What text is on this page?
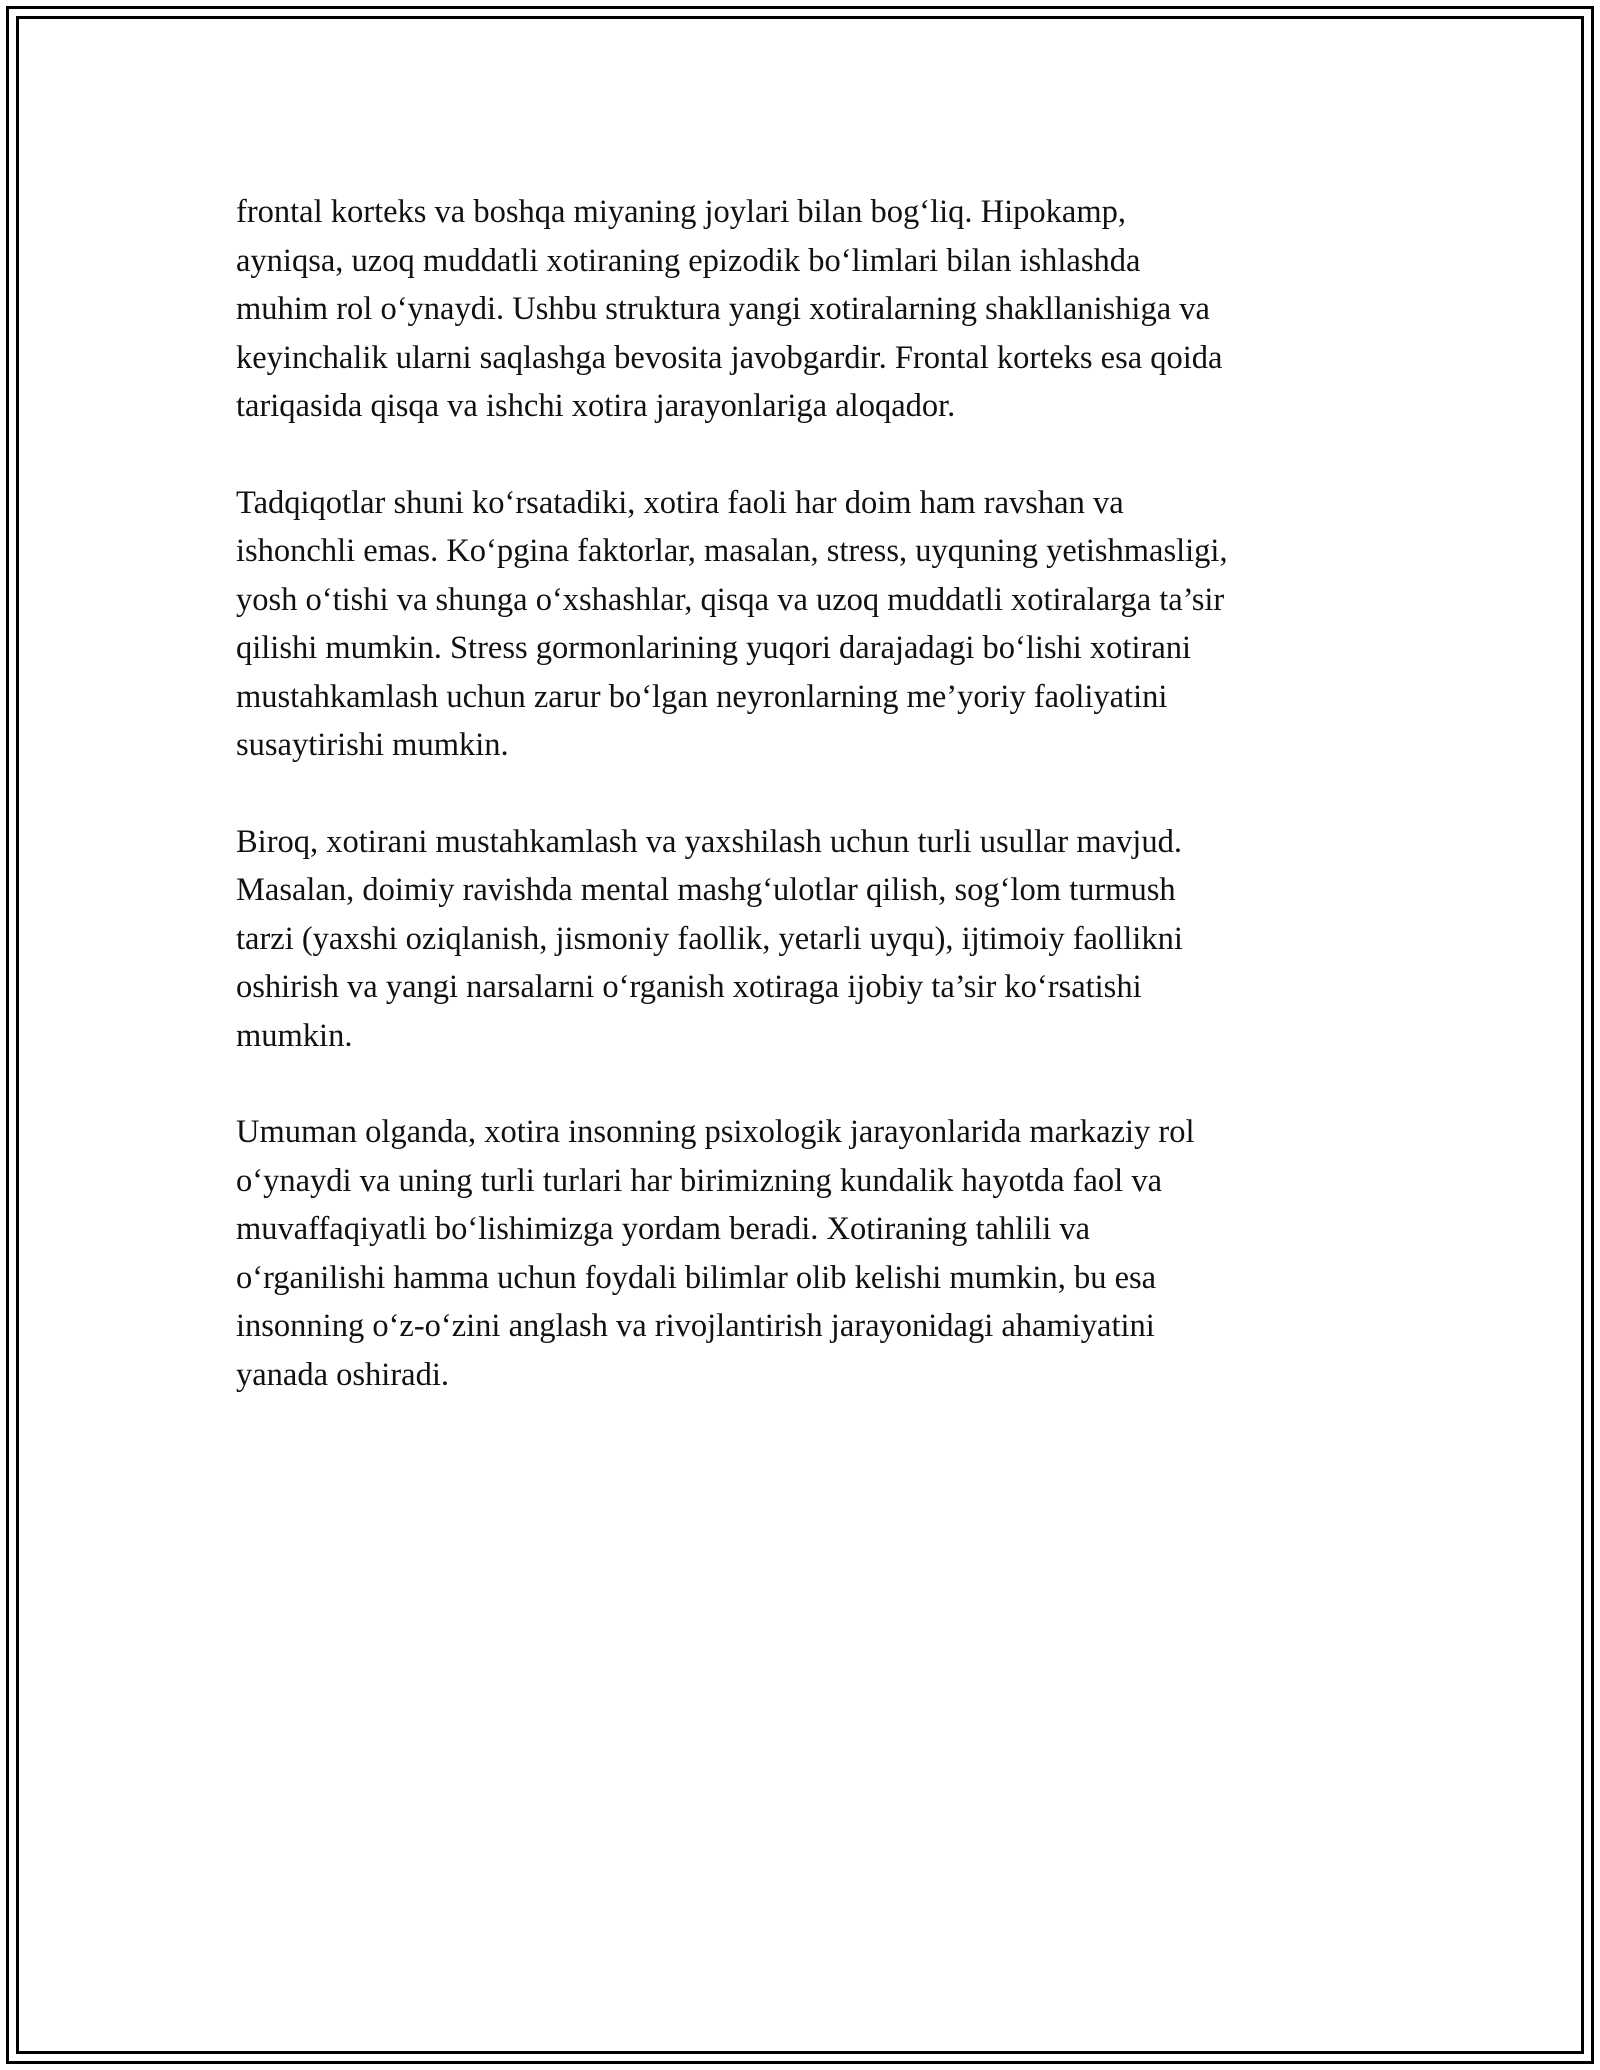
frontal korteks va boshqa miyaning joylari bilan bog‘liq. Hipokamp,
ayniqsa, uzoq muddatli xotiraning epizodik bo‘limlari bilan ishlashda
muhim rol o‘ynaydi. Ushbu struktura yangi xotiralarning shakllanishiga va
keyinchalik ularni saqlashga bevosita javobgardir. Frontal korteks esa qoida
tariqasida qisqa va ishchi xotira jarayonlariga aloqador.

Tadqiqotlar shuni ko‘rsatadiki, xotira faoli har doim ham ravshan va
ishonchli emas. Ko‘pgina faktorlar, masalan, stress, uyquning yetishmasligi,
yosh o‘tishi va shunga o‘xshashlar, qisqa va uzoq muddatli xotiralarga ta’sir
qilishi mumkin. Stress gormonlarining yuqori darajadagi bo‘lishi xotirani
mustahkamlash uchun zarur bo‘lgan neyronlarning me’yoriy faoliyatini
susaytirishi mumkin.

Biroq, xotirani mustahkamlash va yaxshilash uchun turli usullar mavjud.
Masalan, doimiy ravishda mental mashg‘ulotlar qilish, sog‘lom turmush
tarzi (yaxshi oziqlanish, jismoniy faollik, yetarli uyqu), ijtimoiy faollikni
oshirish va yangi narsalarni o‘rganish xotiraga ijobiy ta’sir ko‘rsatishi
mumkin.

Umuman olganda, xotira insonning psixologik jarayonlarida markaziy rol
o‘ynaydi va uning turli turlari har birimizning kundalik hayotda faol va
muvaffaqiyatli bo‘lishimizga yordam beradi. Xotiraning tahlili va
o‘rganilishi hamma uchun foydali bilimlar olib kelishi mumkin, bu esa
insonning o‘z-o‘zini anglash va rivojlantirish jarayonidagi ahamiyatini
yanada oshiradi.
